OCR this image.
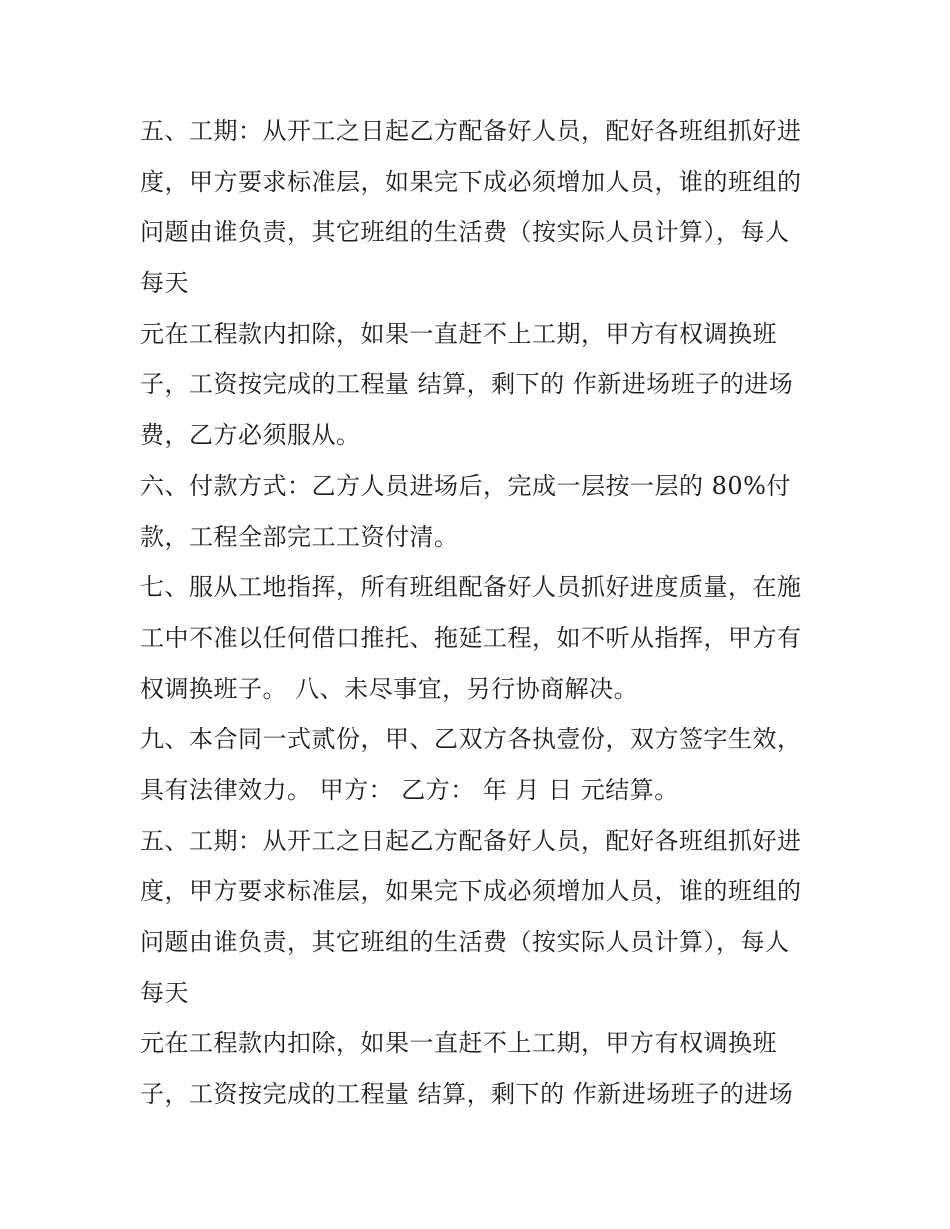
五、工期：从开工之日起乙方配备好人员，配好各班组抓好进
度，甲方要求标准层，如果完下成必须增加人员，谁的班组的
问题由谁负责，其它班组的生活费（按实际人员计算），每人
每天

元在工程款内扣除，如果一直赶不上工期，甲方有权调换班
子，工资按完成的工程量 结算，剩下的 作新进场班子的进场
费，乙方必须服从。

六、付款方式：乙方人员进场后，完成一层按一层的 80%付
款，工程全部完工工资付清。

七、服从工地指挥，所有班组配备好人员抓好进度质量，在施
工中不准以任何借口推托、拖延工程，如不听从指挥，甲方有
权调换班子。 八、未尽事宜，另行协商解决。

九、本合同一式贰份，甲、乙双方各执壹份，双方签字生效，
具有法律效力。 甲方： 乙方： 年 月 日 元结算。

五、工期：从开工之日起乙方配备好人员，配好各班组抓好进
度，甲方要求标准层，如果完下成必须增加人员，谁的班组的
问题由谁负责，其它班组的生活费（按实际人员计算），每人
每天

元在工程款内扣除，如果一直赶不上工期，甲方有权调换班
子，工资按完成的工程量 结算，剩下的 作新进场班子的进场
